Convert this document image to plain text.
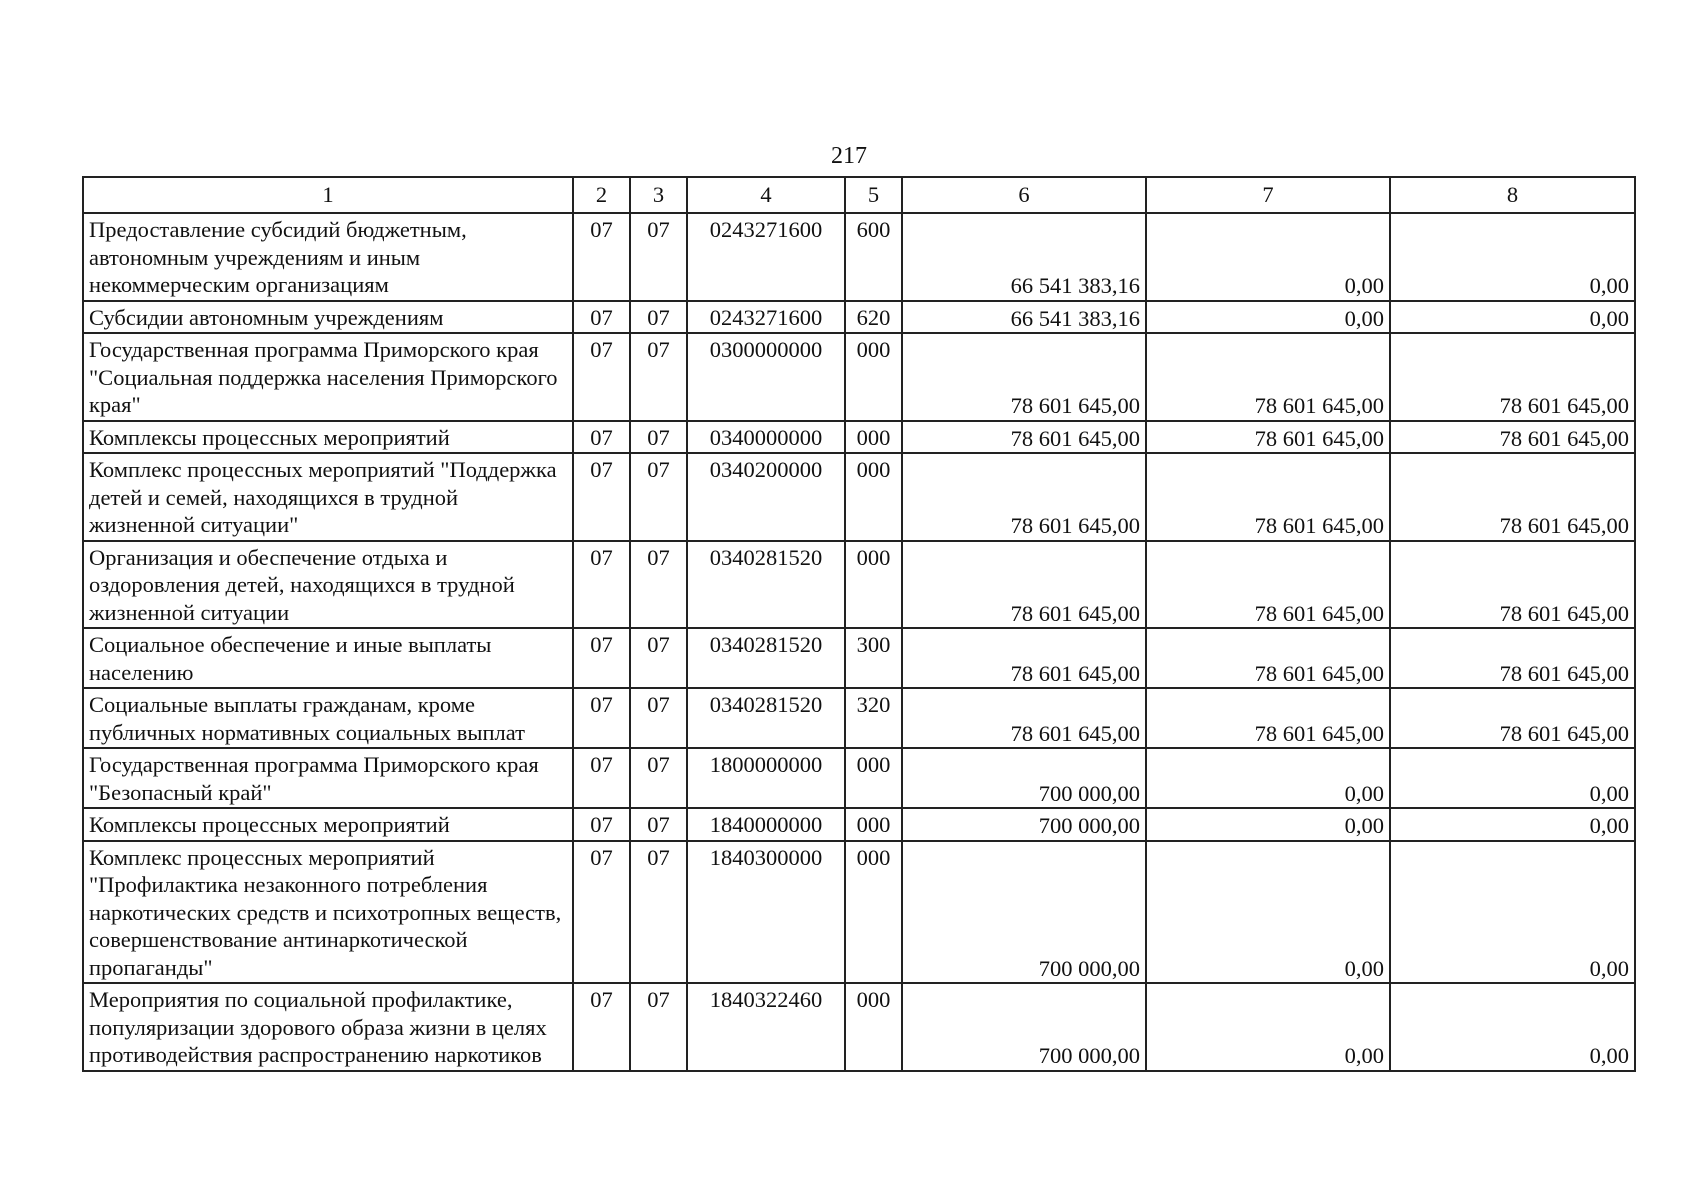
217
1	2	3	4	5	6	7	8
Предоставление субсидий бюджетным, автономным учреждениям и иным некоммерческим организациям	07	07	0243271600	600	66 541 383,16	0,00	0,00
Субсидии автономным учреждениям	07	07	0243271600	620	66 541 383,16	0,00	0,00
Государственная программа Приморского края "Социальная поддержка населения Приморского края"	07	07	0300000000	000	78 601 645,00	78 601 645,00	78 601 645,00
Комплексы процессных мероприятий	07	07	0340000000	000	78 601 645,00	78 601 645,00	78 601 645,00
Комплекс процессных мероприятий "Поддержка детей и семей, находящихся в трудной жизненной ситуации"	07	07	0340200000	000	78 601 645,00	78 601 645,00	78 601 645,00
Организация и обеспечение отдыха и оздоровления детей, находящихся в трудной жизненной ситуации	07	07	0340281520	000	78 601 645,00	78 601 645,00	78 601 645,00
Социальное обеспечение и иные выплаты населению	07	07	0340281520	300	78 601 645,00	78 601 645,00	78 601 645,00
Социальные выплаты гражданам, кроме публичных нормативных социальных выплат	07	07	0340281520	320	78 601 645,00	78 601 645,00	78 601 645,00
Государственная программа Приморского края "Безопасный край"	07	07	1800000000	000	700 000,00	0,00	0,00
Комплексы процессных мероприятий	07	07	1840000000	000	700 000,00	0,00	0,00
Комплекс процессных мероприятий "Профилактика незаконного потребления наркотических средств и психотропных веществ, совершенствование антинаркотической пропаганды"	07	07	1840300000	000	700 000,00	0,00	0,00
Мероприятия по социальной профилактике, популяризации здорового образа жизни в целях противодействия распространению наркотиков	07	07	1840322460	000	700 000,00	0,00	0,00
